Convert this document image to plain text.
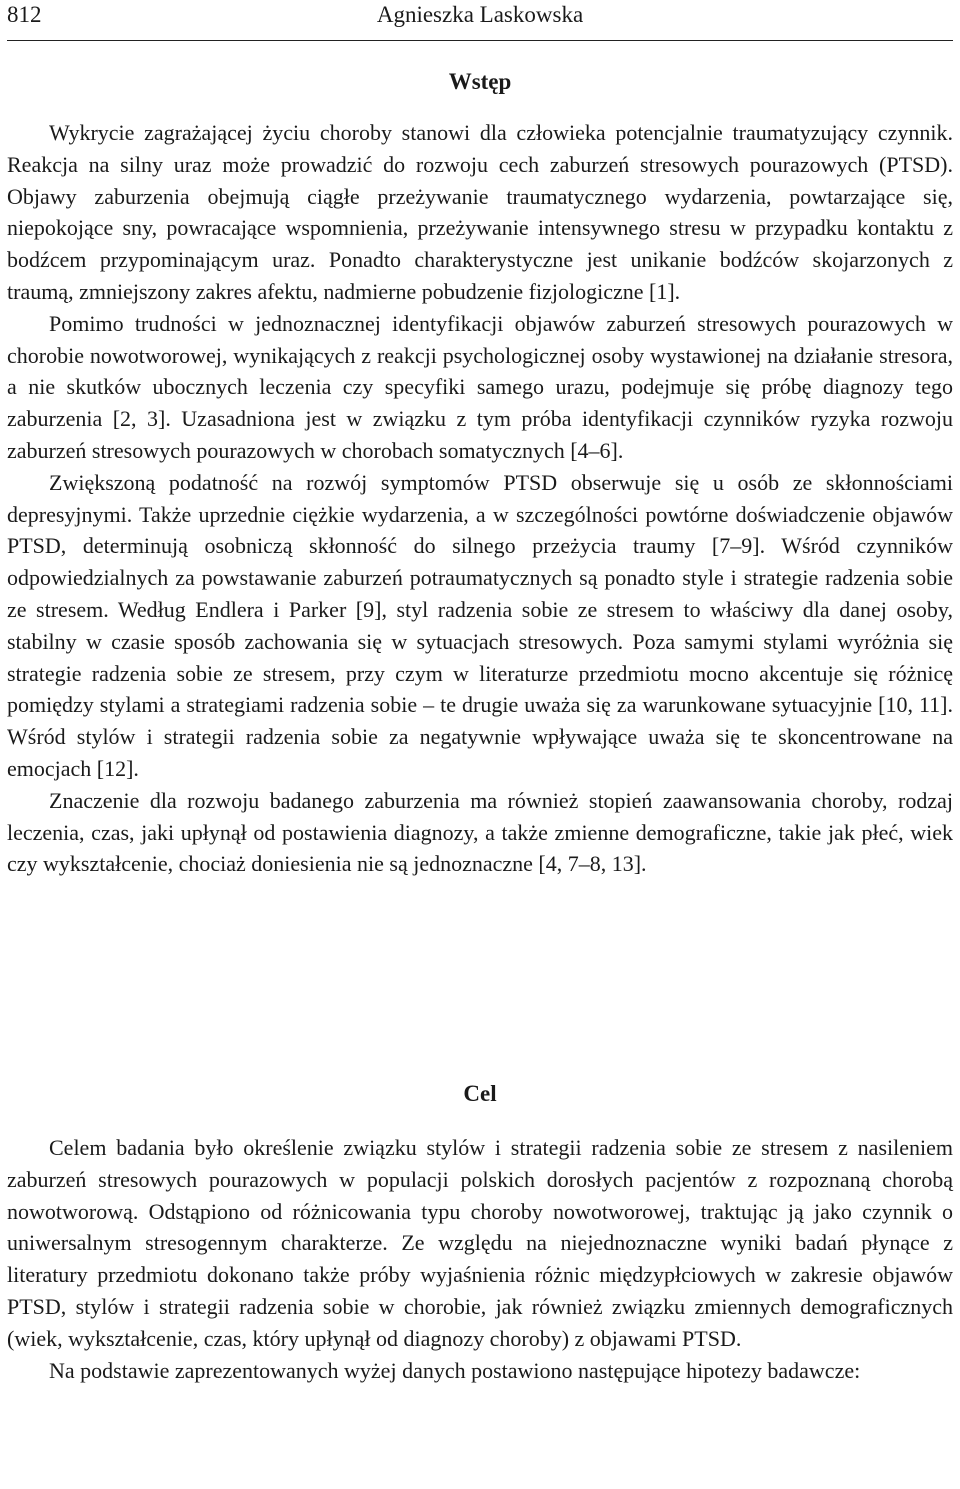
812	Agnieszka Laskowska
Wstęp

Wykrycie zagrażającej życiu choroby stanowi dla człowieka potencjalnie traumatyzujący czynnik. Reakcja na silny uraz może prowadzić do rozwoju cech zaburzeń stresowych pourazowych (PTSD). Objawy zaburzenia obejmują ciągłe przeżywanie traumatycznego wydarzenia, powtarzające się, niepokojące sny, powracające wspomnienia, przeżywanie intensywnego stresu w przypadku kontaktu z bodźcem przypominającym uraz. Ponadto charakterystyczne jest unikanie bodźców skojarzonych z traumą, zmniejszony zakres afektu, nadmierne pobudzenie fizjologiczne [1].

Pomimo trudności w jednoznacznej identyfikacji objawów zaburzeń stresowych pourazowych w chorobie nowotworowej, wynikających z reakcji psychologicznej osoby wystawionej na działanie stresora, a nie skutków ubocznych leczenia czy specyfiki samego urazu, podejmuje się próbę diagnozy tego zaburzenia [2, 3]. Uzasadniona jest w związku z tym próba identyfikacji czynników ryzyka rozwoju zaburzeń stresowych pourazowych w chorobach somatycznych [4–6].

Zwiększoną podatność na rozwój symptomów PTSD obserwuje się u osób ze skłonnościami depresyjnymi. Także uprzednie ciężkie wydarzenia, a w szczególności powtórne doświadczenie objawów PTSD, determinują osobniczą skłonność do silnego przeżycia traumy [7–9]. Wśród czynników odpowiedzialnych za powstawanie zaburzeń potraumatycznych są ponadto style i strategie radzenia sobie ze stresem. Według Endlera i Parker [9], styl radzenia sobie ze stresem to właściwy dla danej osoby, stabilny w czasie sposób zachowania się w sytuacjach stresowych. Poza samymi stylami wyróżnia się strategie radzenia sobie ze stresem, przy czym w literaturze przedmiotu mocno akcentuje się różnicę pomiędzy stylami a strategiami radzenia sobie – te drugie uważa się za warunkowane sytuacyjnie [10, 11]. Wśród stylów i strategii radzenia sobie za negatywnie wpływające uważa się te skoncentrowane na emocjach [12].

Znaczenie dla rozwoju badanego zaburzenia ma również stopień zaawansowania choroby, rodzaj leczenia, czas, jaki upłynął od postawienia diagnozy, a także zmienne demograficzne, takie jak płeć, wiek czy wykształcenie, chociaż doniesienia nie są jednoznaczne [4, 7–8, 13].

Cel

Celem badania było określenie związku stylów i strategii radzenia sobie ze stresem z nasileniem zaburzeń stresowych pourazowych w populacji polskich dorosłych pacjentów z rozpoznaną chorobą nowotworową. Odstąpiono od różnicowania typu choroby nowotworowej, traktując ją jako czynnik o uniwersalnym stresogennym charakterze. Ze względu na niejednoznaczne wyniki badań płynące z literatury przedmiotu dokonano także próby wyjaśnienia różnic międzypłciowych w zakresie objawów PTSD, stylów i strategii radzenia sobie w chorobie, jak również związku zmiennych demograficznych (wiek, wykształcenie, czas, który upłynął od diagnozy choroby) z objawami PTSD.

Na podstawie zaprezentowanych wyżej danych postawiono następujące hipotezy badawcze:
